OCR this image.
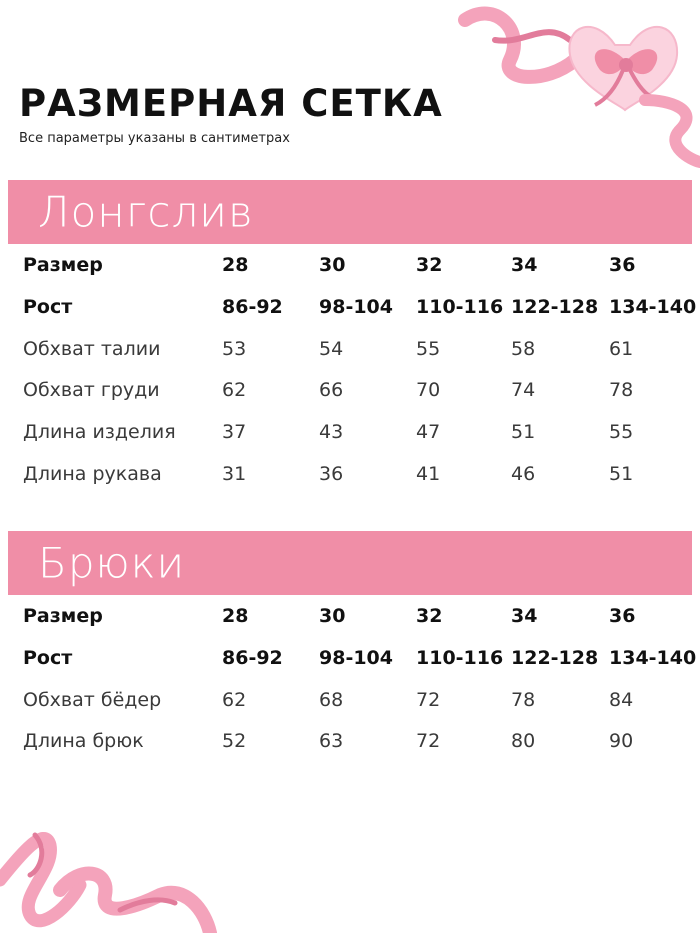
РАЗМЕРНАЯ СЕТКА
Все параметры указаны в сантиметрах
Лонгслив
Размер	28	30	32	34	36
Рост	86-92 98-104 110-116 122-128 134-140
Обхват талии	53	54	55	58	61
Обхват груди	62	66	70	74	78
Длина изделия 37	43	47	51	55
Длина рукава	31	36	41	46	51
Брюки
Размер	28	30	32	34	36
Рост	86-92 98-104 110-116 122-128 134-140
Обхват бёдер	62	68	72	78	84
Длина брюк	52	63	72	80	90
